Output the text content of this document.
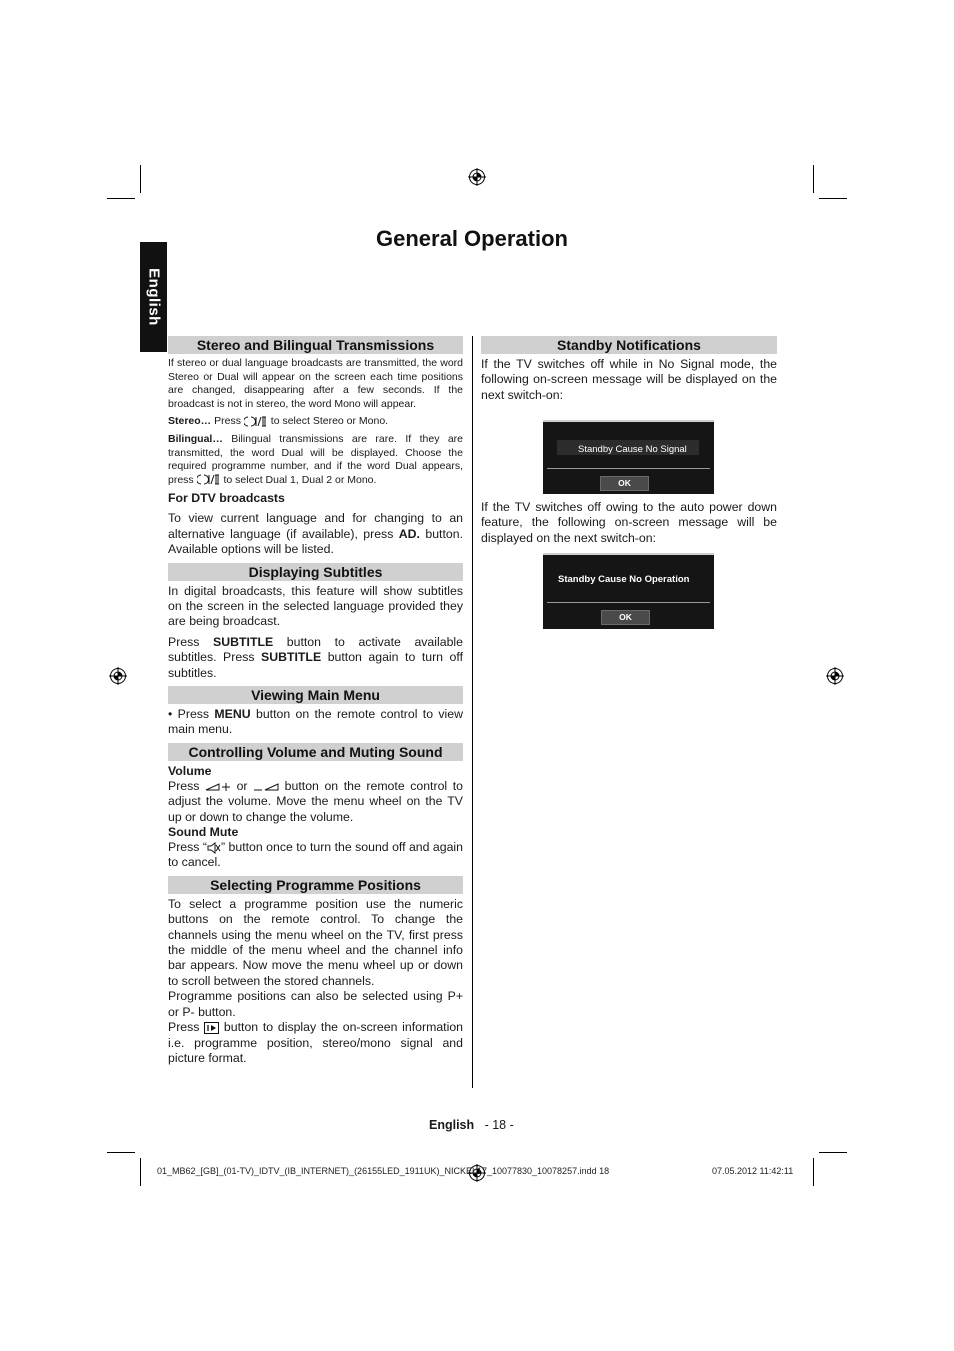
General Operation
English
Stereo and Bilingual Transmissions

If stereo or dual language broadcasts are transmitted, the word Stereo or Dual will appear on the screen each time positions are changed, disappearing after a few seconds. If the broadcast is not in stereo, the word Mono will appear.

Stereo… Press  to select Stereo or Mono.

Bilingual… Bilingual transmissions are rare. If they are transmitted, the word Dual will be displayed. Choose the required programme number, and if the word Dual appears, press  to select Dual 1, Dual 2 or Mono.

For DTV broadcasts

To view current language and for changing to an alternative language (if available), press AD. button. Available options will be listed.

Displaying Subtitles

In digital broadcasts, this feature will show subtitles on the screen in the selected language provided they are being broadcast.

Press SUBTITLE button to activate available subtitles. Press SUBTITLE button again to turn off subtitles.

Viewing Main Menu

• Press MENU button on the remote control to view main menu.

Controlling Volume and Muting Sound

Volume

Press  or  button on the remote control to adjust the volume. Move the menu wheel on the TV up or down to change the volume.

Sound Mute

Press “ ” button once to turn the sound off and again to cancel.

Selecting Programme Positions

To select a programme position use the numeric buttons on the remote control. To change the channels using the menu wheel on the TV, first press the middle of the menu wheel and the channel info bar appears. Now move the menu wheel up or down to scroll between the stored channels.

Programme positions can also be selected using P+ or P- button.

Press  button to display the on-screen information i.e. programme position, stereo/mono signal and picture format.

Standby Notifications

If the TV switches off while in No Signal mode, the following on-screen message will be displayed on the next switch-on:

Standby Cause No Signal
OK

If the TV switches off owing to the auto power down feature, the following on-screen message will be displayed on the next switch-on:

Standby Cause No Operation
OK
English - 18 -
01_MB62_[GB]_(01-TV)_IDTV_(IB_INTERNET)_(26155LED_1911UK)_NICKEL17_10077830_10078257.indd 18	07.05.2012 11:42:11
